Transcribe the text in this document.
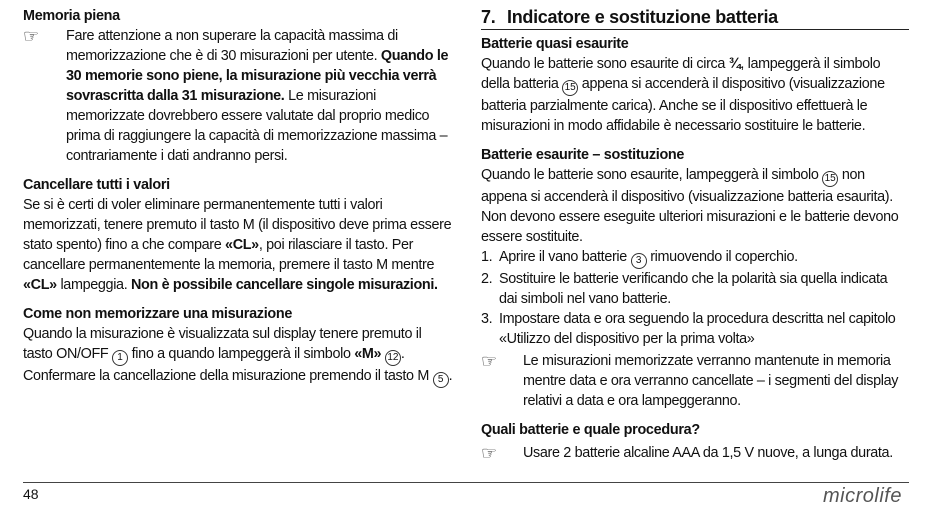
Memoria piena
☞	Fare attenzione a non superare la capacità massima di memorizzazione che è di 30 misurazioni per utente. Quando le 30 memorie sono piene, la misurazione più vecchia verrà sovrascritta dalla 31 misurazione. Le misurazioni memorizzate dovrebbero essere valutate dal proprio medico prima di raggiungere la capacità di memorizzazione massima – contrariamente i dati andranno persi.
Cancellare tutti i valori

Se si è certi di voler eliminare permanentemente tutti i valori memorizzati, tenere premuto il tasto M (il dispositivo deve prima essere stato spento) fino a che compare «CL», poi rilasciare il tasto. Per cancellare permanentemente la memoria, premere il tasto M mentre «CL» lampeggia. Non è possibile cancellare singole misurazioni.

Come non memorizzare una misurazione

Quando la misurazione è visualizzata sul display tenere premuto il tasto ON/OFF 1 fino a quando lampeggerà il simbolo «M» 12 . Confermare la cancellazione della misurazione premendo il tasto M 5 .

7. Indicatore e sostituzione batteria
Batterie quasi esaurite

Quando le batterie sono esaurite di circa ¾, lampeggerà il simbolo della batteria 15 appena si accenderà il dispositivo (visualizzazione batteria parzialmente carica). Anche se il dispositivo effettuerà le misurazioni in modo affidabile è necessario sostituire le batterie.

Batterie esaurite – sostituzione

Quando le batterie sono esaurite, lampeggerà il simbolo 15 non appena si accenderà il dispositivo (visualizzazione batteria esaurita). Non devono essere eseguite ulteriori misurazioni e le batterie devono essere sostituite.

1. Aprire il vano batterie 3 rimuovendo il coperchio.
2. Sostituire le batterie verificando che la polarità sia quella indicata dai simboli nel vano batterie.
3. Impostare data e ora seguendo la procedura descritta nel capitolo «Utilizzo del dispositivo per la prima volta»
☞	Le misurazioni memorizzate verranno mantenute in memoria mentre data e ora verranno cancellate – i segmenti del display relativi a data e ora lampeggeranno.
Quali batterie e quale procedura?
☞	Usare 2 batterie alcaline AAA da 1,5 V nuove, a lunga durata.
48	microlife
